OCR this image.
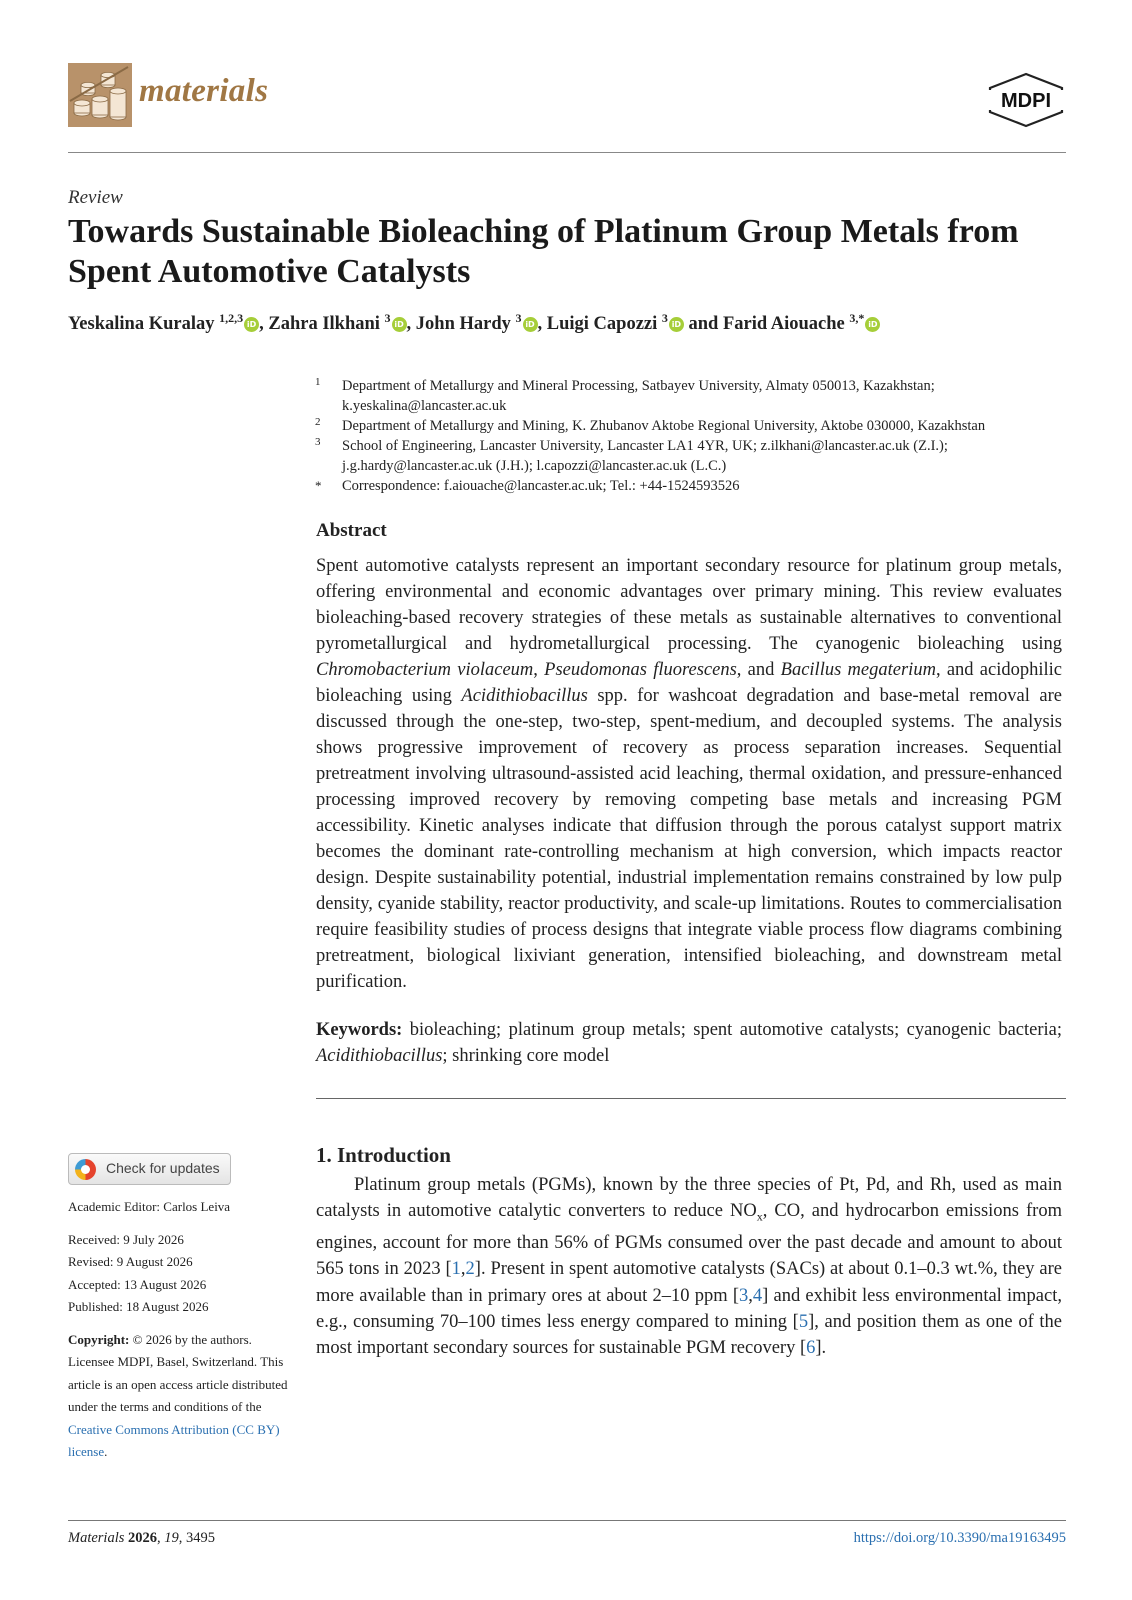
materials	MDPI
Review
Towards Sustainable Bioleaching of Platinum Group Metals from Spent Automotive Catalysts
Yeskalina Kuralay $^{1,2,3}$ iD , Zahra Ilkhani $^3$ iD , John Hardy $^3$ iD , Luigi Capozzi $^3$ iD and Farid Aiouache $^{3,*}$ iD
1 Department of Metallurgy and Mineral Processing, Satbayev University, Almaty 050013, Kazakhstan; k.yeskalina@lancaster.ac.uk
2 Department of Metallurgy and Mining, K. Zhubanov Aktobe Regional University, Aktobe 030000, Kazakhstan
3 School of Engineering, Lancaster University, Lancaster LA1 4YR, UK; z.ilkhani@lancaster.ac.uk (Z.I.); j.g.hardy@lancaster.ac.uk (J.H.); l.capozzi@lancaster.ac.uk (L.C.)
* Correspondence: f.aiouache@lancaster.ac.uk; Tel.: +44-1524593526
Abstract
Spent automotive catalysts represent an important secondary resource for platinum group metals, offering environmental and economic advantages over primary mining. This review evaluates bioleaching-based recovery strategies of these metals as sustainable alternatives to conventional pyrometallurgical and hydrometallurgical processing. The cyanogenic bioleaching using Chromobacterium violaceum, Pseudomonas fluorescens, and Bacillus megaterium, and acidophilic bioleaching using Acidithiobacillus spp. for washcoat degradation and base-metal removal are discussed through the one-step, two-step, spent-medium, and decoupled systems. The analysis shows progressive improvement of recovery as process separation increases. Sequential pretreatment involving ultrasound-assisted acid leaching, thermal oxidation, and pressure-enhanced processing improved recovery by removing competing base metals and increasing PGM accessibility. Kinetic analyses indicate that diffusion through the porous catalyst support matrix becomes the dominant rate-controlling mechanism at high conversion, which impacts reactor design. Despite sustainability potential, industrial implementation remains constrained by low pulp density, cyanide stability, reactor productivity, and scale-up limitations. Routes to commercialisation require feasibility studies of process designs that integrate viable process flow diagrams combining pretreatment, biological lixiviant generation, intensified bioleaching, and downstream metal purification.
Keywords: bioleaching; platinum group metals; spent automotive catalysts; cyanogenic bacteria; Acidithiobacillus; shrinking core model
Check for updates
Academic Editor: Carlos Leiva
Received: 9 July 2026
Revised: 9 August 2026
Accepted: 13 August 2026
Published: 18 August 2026
Copyright: © 2026 by the authors. Licensee MDPI, Basel, Switzerland. This article is an open access article distributed under the terms and conditions of the Creative Commons Attribution (CC BY) license.
1. Introduction
Platinum group metals (PGMs), known by the three species of Pt, Pd, and Rh, used as main catalysts in automotive catalytic converters to reduce $NO_x$, CO, and hydrocarbon emissions from engines, account for more than 56% of PGMs consumed over the past decade and amount to about 565 tons in 2023 [1,2]. Present in spent automotive catalysts (SACs) at about 0.1–0.3 wt.%, they are more available than in primary ores at about 2–10 ppm [3,4] and exhibit less environmental impact, e.g., consuming 70–100 times less energy compared to mining [5], and position them as one of the most important secondary sources for sustainable PGM recovery [6].
Materials 2026, 19, 3495	https://doi.org/10.3390/ma19163495
